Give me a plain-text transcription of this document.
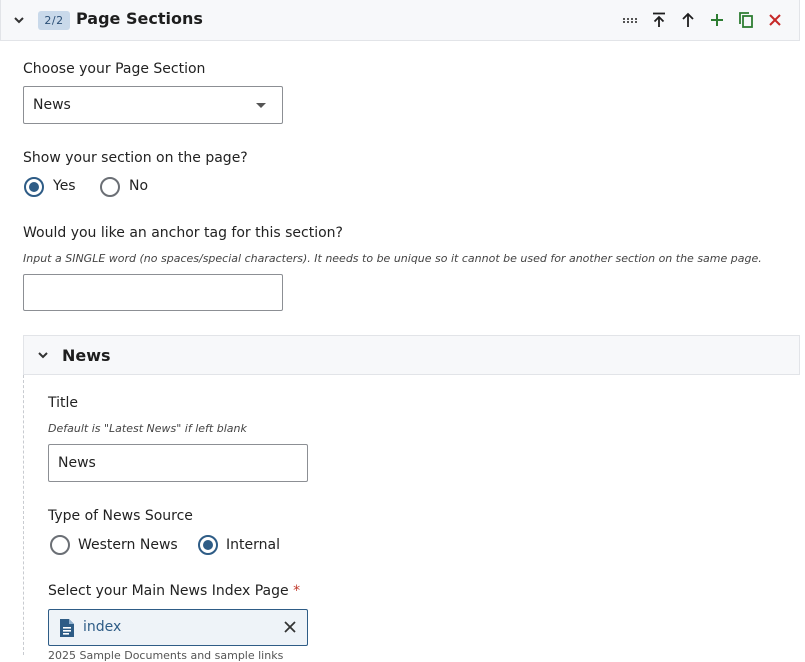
2/2 Page Sections
Choose your Page Section
News
Show your section on the page?
Yes	No
Would you like an anchor tag for this section?
Input a SINGLE word (no spaces/special characters). It needs to be unique so it cannot be used for another section on the same page.
News
Title
Default is "Latest News" if left blank
News
Type of News Source
Western News	Internal
Select your Main News Index Page *
index
2025 Sample Documents and sample links
